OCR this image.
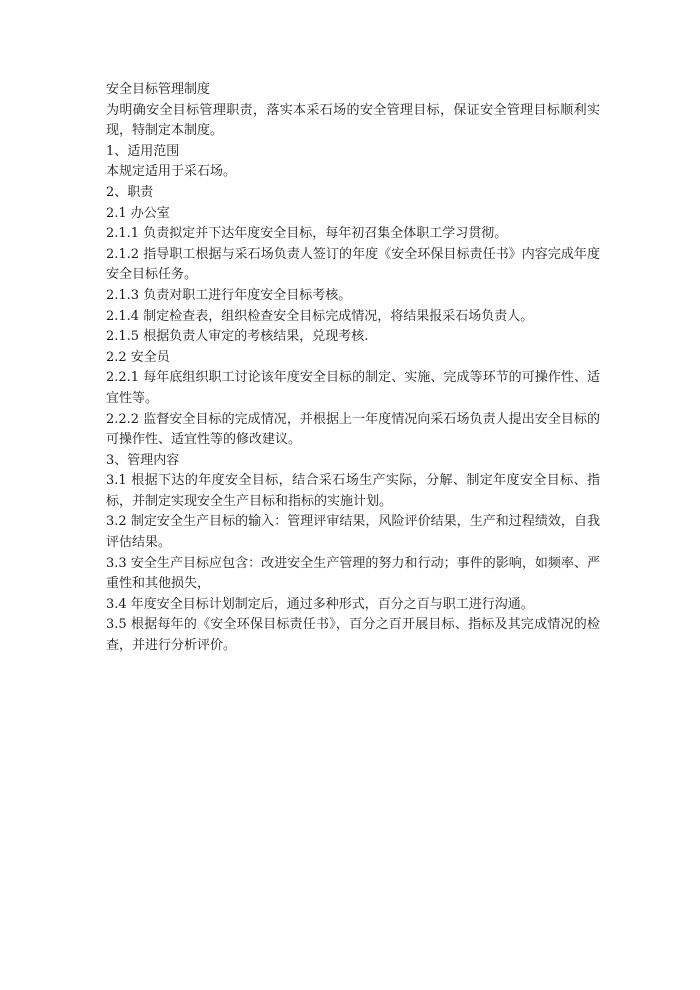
安全目标管理制度

为明确安全目标管理职责，落实本采石场的安全管理目标，保证安全管理目标顺利实现，特制定本制度。

1、适用范围

本规定适用于采石场。

2、职责

2.1 办公室

2.1.1 负责拟定并下达年度安全目标，每年初召集全体职工学习贯彻。

2.1.2 指导职工根据与采石场负责人签订的年度《安全环保目标责任书》内容完成年度安全目标任务。

2.1.3 负责对职工进行年度安全目标考核。

2.1.4 制定检查表，组织检查安全目标完成情况，将结果报采石场负责人。

2.1.5 根据负责人审定的考核结果，兑现考核.

2.2 安全员

2.2.1 每年底组织职工讨论该年度安全目标的制定、实施、完成等环节的可操作性、适宜性等。

2.2.2 监督安全目标的完成情况，并根据上一年度情况向采石场负责人提出安全目标的可操作性、适宜性等的修改建议。

3、管理内容

3.1 根据下达的年度安全目标，结合采石场生产实际，分解、制定年度安全目标、指标，并制定实现安全生产目标和指标的实施计划。

3.2 制定安全生产目标的输入：管理评审结果，风险评价结果，生产和过程绩效，自我评估结果。

3.3 安全生产目标应包含：改进安全生产管理的努力和行动；事件的影响，如频率、严重性和其他损失，

3.4 年度安全目标计划制定后，通过多种形式，百分之百与职工进行沟通。

3.5 根据每年的《安全环保目标责任书》，百分之百开展目标、指标及其完成情况的检查，并进行分析评价。
